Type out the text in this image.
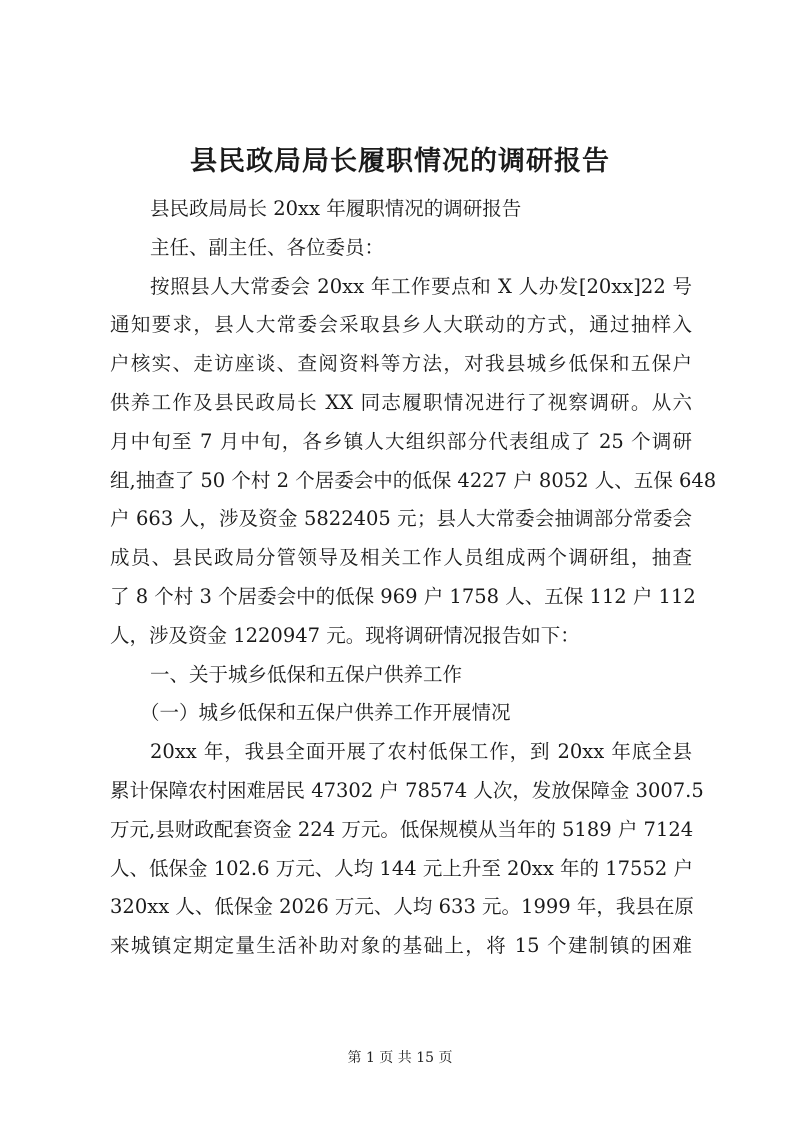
县民政局局长履职情况的调研报告
县民政局局长 20xx 年履职情况的调研报告
主任、副主任、各位委员：
按照县人大常委会 20xx 年工作要点和 X 人办发[20xx]22 号
通知要求，县人大常委会采取县乡人大联动的方式，通过抽样入
户核实、走访座谈、查阅资料等方法，对我县城乡低保和五保户
供养工作及县民政局长 XX 同志履职情况进行了视察调研。从六
月中旬至 7 月中旬，各乡镇人大组织部分代表组成了 25 个调研
组,抽查了 50 个村 2 个居委会中的低保 4227 户 8052 人、五保 648
户 663 人，涉及资金 5822405 元；县人大常委会抽调部分常委会
成员、县民政局分管领导及相关工作人员组成两个调研组，抽查
了 8 个村 3 个居委会中的低保 969 户 1758 人、五保 112 户 112
人，涉及资金 1220947 元。现将调研情况报告如下：
一、关于城乡低保和五保户供养工作
（一）城乡低保和五保户供养工作开展情况
20xx 年，我县全面开展了农村低保工作，到 20xx 年底全县
累计保障农村困难居民 47302 户 78574 人次，发放保障金 3007.5
万元,县财政配套资金 224 万元。低保规模从当年的 5189 户 7124
人、低保金 102.6 万元、人均 144 元上升至 20xx 年的 17552 户
320xx 人、低保金 2026 万元、人均 633 元。1999 年，我县在原
来城镇定期定量生活补助对象的基础上，将 15 个建制镇的困难
第 1 页 共 15 页
